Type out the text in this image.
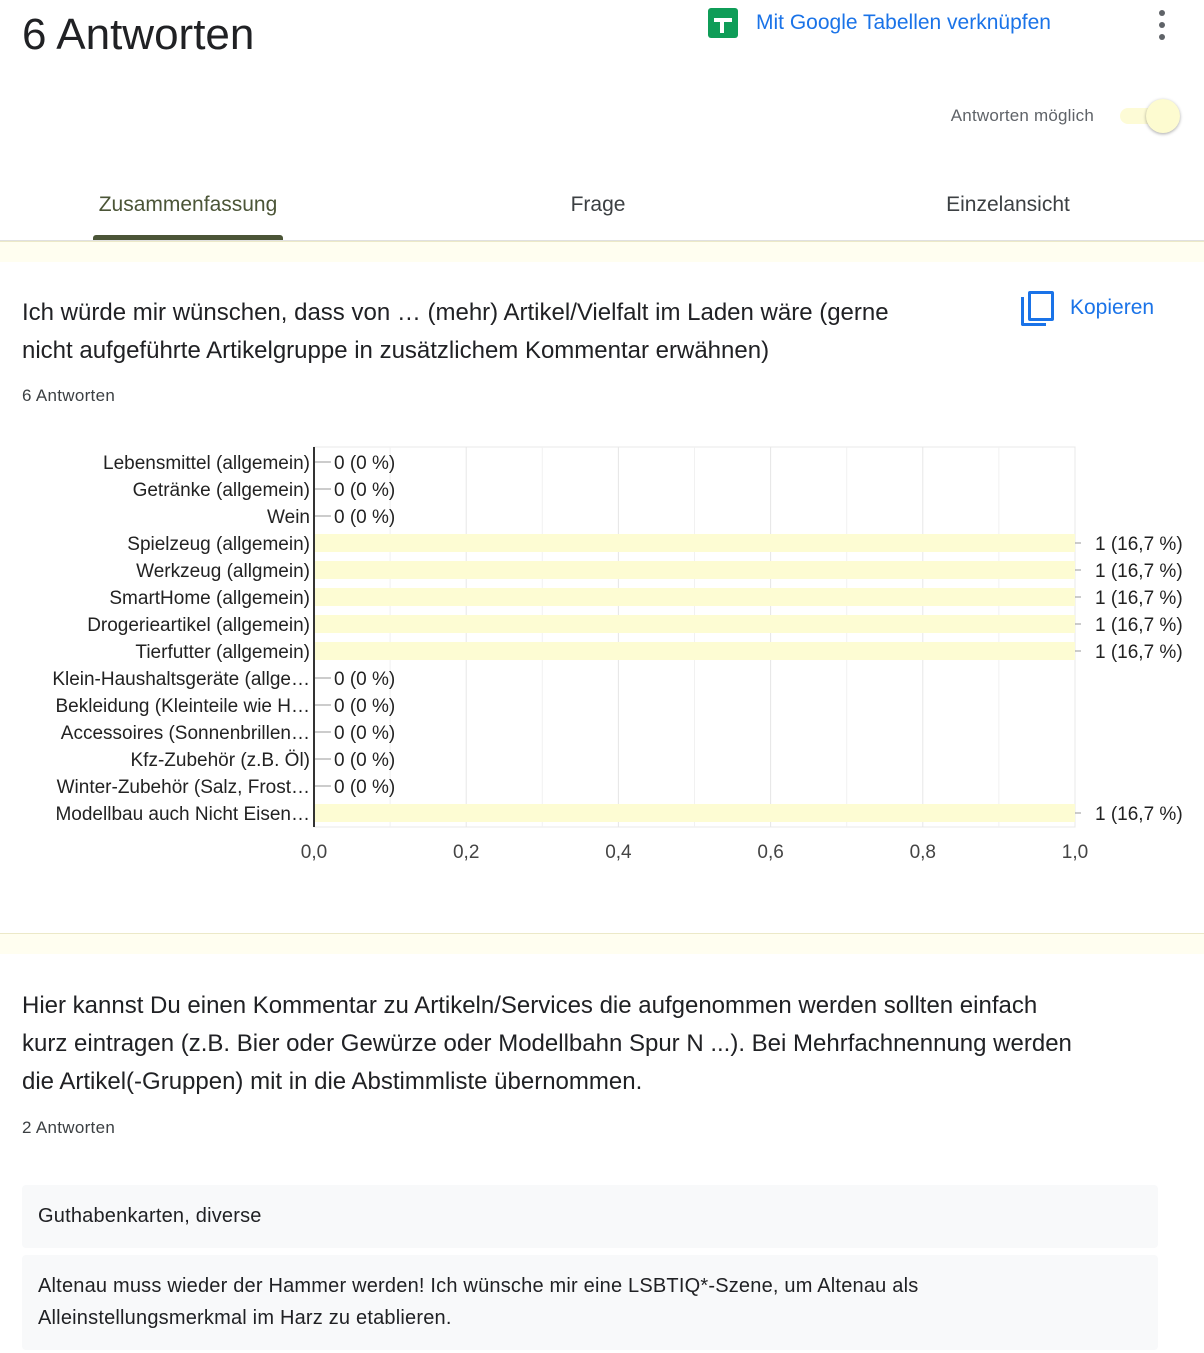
6 Antworten	Mit Google Tabellen verknüpfen
Antworten möglich
Zusammenfassung	Frage	Einzelansicht
Ich würde mir wünschen, dass von … (mehr) Artikel/Vielfalt im Laden wäre (gerne
nicht aufgeführte Artikelgruppe in zusätzlichem Kommentar erwähnen)
Kopieren
6 Antworten
Lebensmittel (allgemein) 0 (0 %)
Getränke (allgemein) 0 (0 %)
Wein 0 (0 %)
Spielzeug (allgemein)	1 (16,7 %)
Werkzeug (allgmein)	1 (16,7 %)
SmartHome (allgemein)	1 (16,7 %)
Drogerieartikel (allgemein)	1 (16,7 %)
Tierfutter (allgemein)	1 (16,7 %)
Klein-Haushaltsgeräte (allge… 0 (0 %)
Bekleidung (Kleinteile wie H… 0 (0 %)
Accessoires (Sonnenbrillen… 0 (0 %)
Kfz-Zubehör (z.B. Öl) 0 (0 %)
Winter-Zubehör (Salz, Frost… 0 (0 %)
Modellbau auch Nicht Eisen…	1 (16,7 %)
0,0	0,2	0,4	0,6	0,8	1,0
Hier kannst Du einen Kommentar zu Artikeln/Services die aufgenommen werden sollten einfach
kurz eintragen (z.B. Bier oder Gewürze oder Modellbahn Spur N ...). Bei Mehrfachnennung werden
die Artikel(-Gruppen) mit in die Abstimmliste übernommen.
2 Antworten
Guthabenkarten, diverse
Altenau muss wieder der Hammer werden! Ich wünsche mir eine LSBTIQ*-Szene, um Altenau als
Alleinstellungsmerkmal im Harz zu etablieren.
